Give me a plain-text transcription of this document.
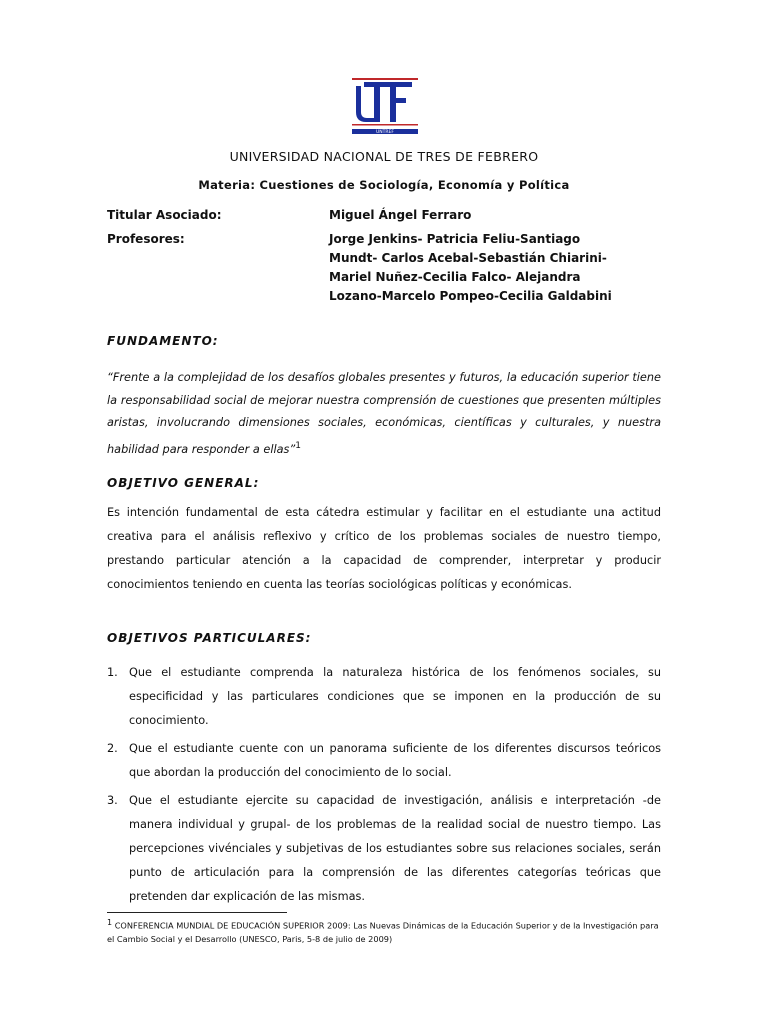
UNTREF
UNIVERSIDAD NACIONAL DE TRES DE FEBRERO
Materia: Cuestiones de Sociología, Economía y Política
Titular Asociado:	Miguel Ángel Ferraro
Profesores:	Jorge Jenkins- Patricia Feliu-Santiago
Mundt- Carlos Acebal-Sebastián Chiarini-
Mariel Nuñez-Cecilia Falco- Alejandra
Lozano-Marcelo Pompeo-Cecilia Galdabini
FUNDAMENTO:
“Frente a la complejidad de los desafíos globales presentes y futuros, la educación superior tiene la responsabilidad social de mejorar nuestra comprensión de cuestiones que presenten múltiples aristas, involucrando dimensiones sociales, económicas, científicas y culturales, y nuestra habilidad para responder a ellas”$^1$
OBJETIVO GENERAL:
Es intención fundamental de esta cátedra estimular y facilitar en el estudiante una actitud creativa para el análisis reflexivo y crítico de los problemas sociales de nuestro tiempo, prestando particular atención a la capacidad de comprender, interpretar y producir conocimientos teniendo en cuenta las teorías sociológicas políticas y económicas.
OBJETIVOS PARTICULARES:
1. Que el estudiante comprenda la naturaleza histórica de los fenómenos sociales, su especificidad y las particulares condiciones que se imponen en la producción de su conocimiento.
2. Que el estudiante cuente con un panorama suficiente de los diferentes discursos teóricos que abordan la producción del conocimiento de lo social.
3. Que el estudiante ejercite su capacidad de investigación, análisis e interpretación -de manera individual y grupal- de los problemas de la realidad social de nuestro tiempo. Las percepciones vivénciales y subjetivas de los estudiantes sobre sus relaciones sociales, serán punto de articulación para la comprensión de las diferentes categorías teóricas que pretenden dar explicación de las mismas.
$^1$ CONFERENCIA MUNDIAL DE EDUCACIÓN SUPERIOR 2009: Las Nuevas Dinámicas de la Educación Superior y de la Investigación para el Cambio Social y el Desarrollo (UNESCO, Paris, 5-8 de julio de 2009)
